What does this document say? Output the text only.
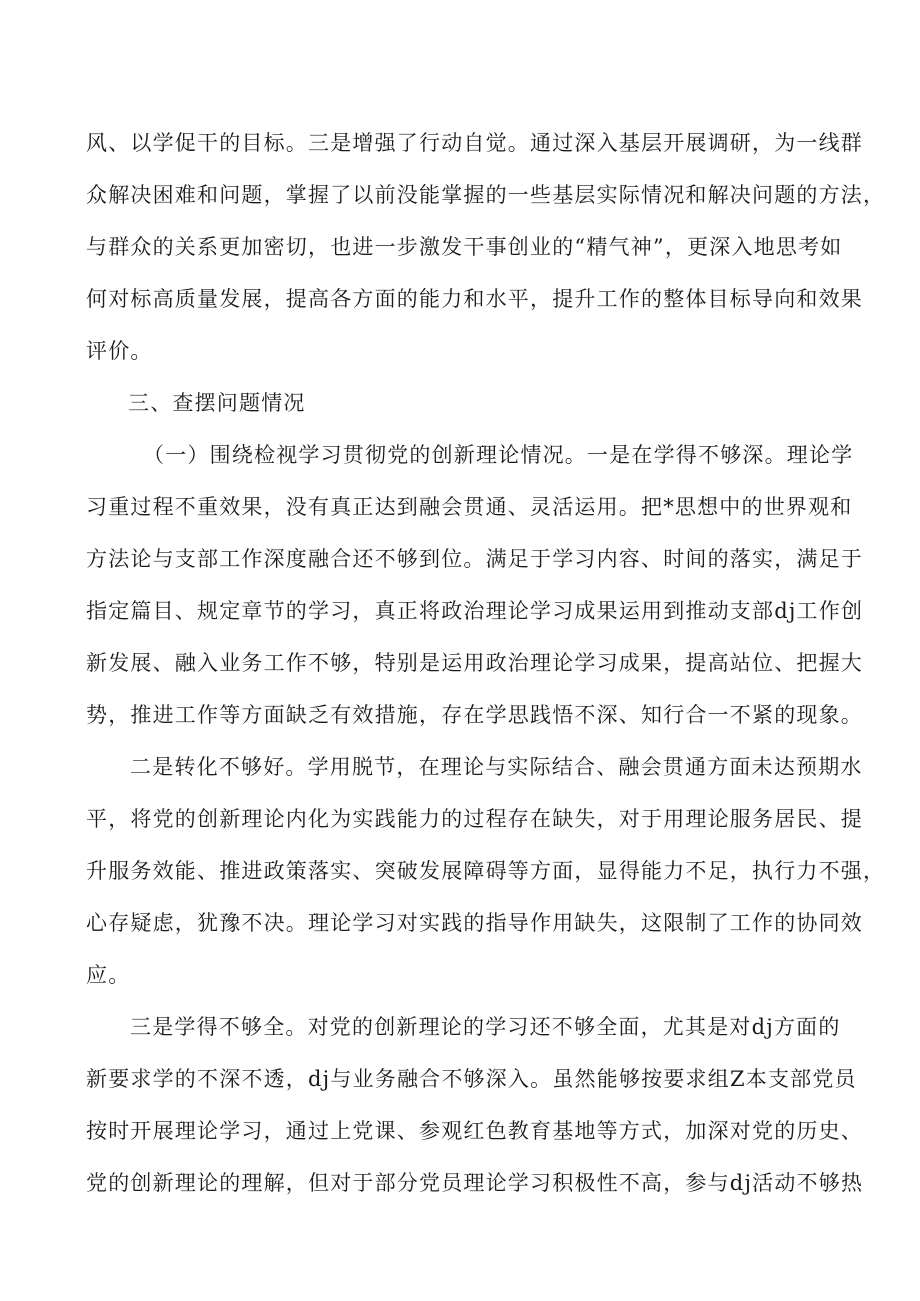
风、以学促干的目标。三是增强了行动自觉。通过深入基层开展调研，为一线群
众解决困难和问题，掌握了以前没能掌握的一些基层实际情况和解决问题的方法，
与群众的关系更加密切，也进一步激发干事创业的“精气神”，更深入地思考如
何对标高质量发展，提高各方面的能力和水平，提升工作的整体目标导向和效果
评价。
三、查摆问题情况
（一）围绕检视学习贯彻党的创新理论情况。一是在学得不够深。理论学
习重过程不重效果，没有真正达到融会贯通、灵活运用。把*思想中的世界观和
方法论与支部工作深度融合还不够到位。满足于学习内容、时间的落实，满足于
指定篇目、规定章节的学习，真正将政治理论学习成果运用到推动支部dj工作创
新发展、融入业务工作不够，特别是运用政治理论学习成果，提高站位、把握大
势，推进工作等方面缺乏有效措施，存在学思践悟不深、知行合一不紧的现象。
二是转化不够好。学用脱节，在理论与实际结合、融会贯通方面未达预期水
平，将党的创新理论内化为实践能力的过程存在缺失，对于用理论服务居民、提
升服务效能、推进政策落实、突破发展障碍等方面，显得能力不足，执行力不强，
心存疑虑，犹豫不决。理论学习对实践的指导作用缺失，这限制了工作的协同效
应。
三是学得不够全。对党的创新理论的学习还不够全面，尤其是对dj方面的
新要求学的不深不透，dj与业务融合不够深入。虽然能够按要求组Z本支部党员
按时开展理论学习，通过上党课、参观红色教育基地等方式，加深对党的历史、
党的创新理论的理解，但对于部分党员理论学习积极性不高，参与dj活动不够热
